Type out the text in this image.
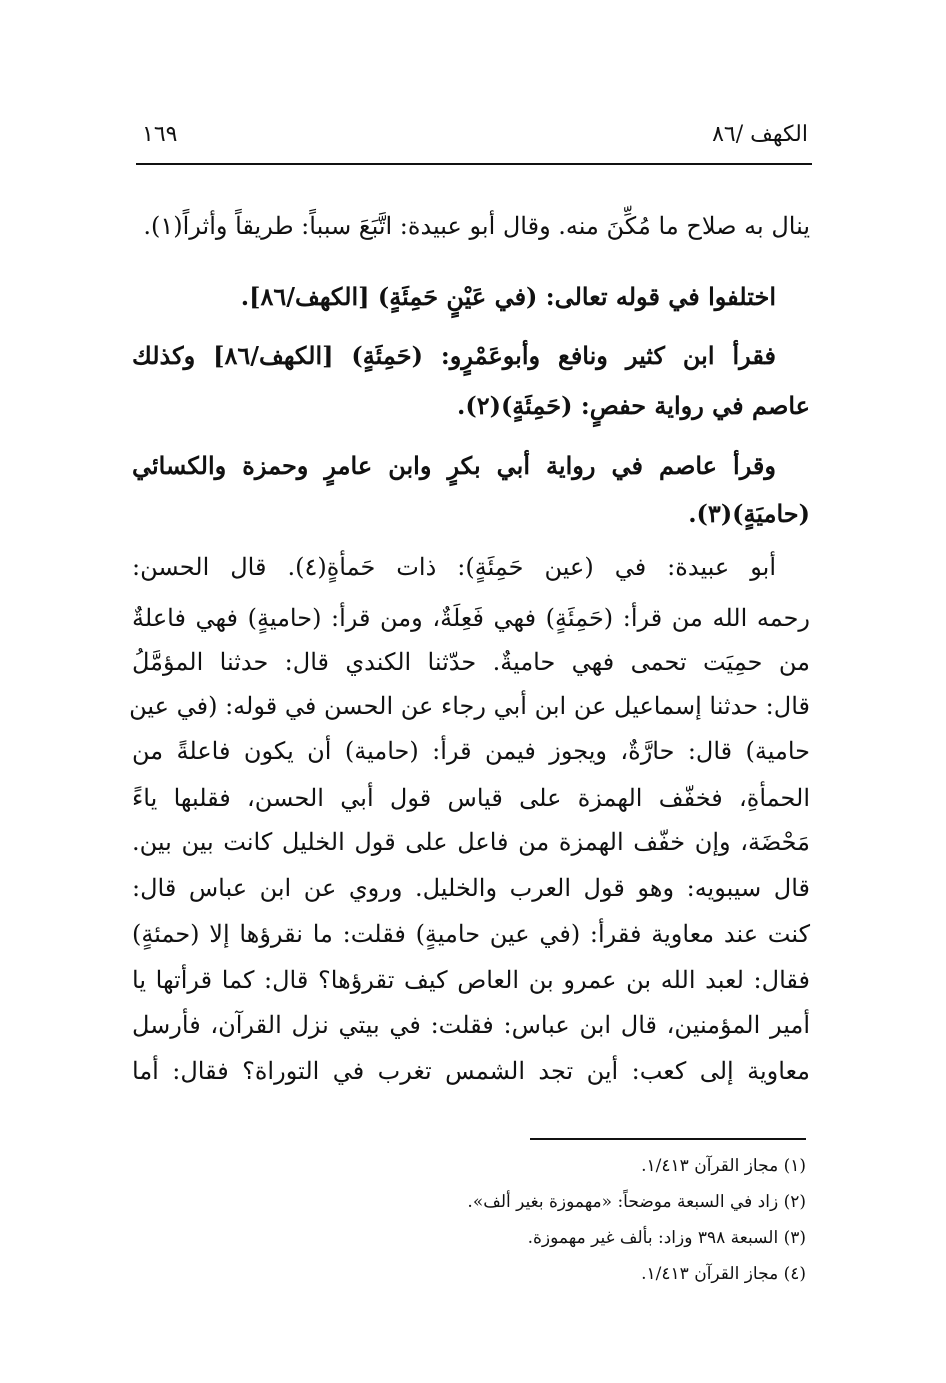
الكهف /٨٦
١٦٩
ينال به صلاح ما مُكِّنَ منه. وقال أبو عبيدة: اتَّبَعَ سبباً: طريقاً وأثراً(١).
اختلفوا في قوله تعالى: (في عَيْنٍ حَمِئَةٍ) [الكهف/٨٦].
فقرأ ابن كثير ونافع وأبوعَمْرٍو: (حَمِئَةٍ) [الكهف/٨٦] وكذلك
عاصم في رواية حفصٍ: (حَمِئَةٍ)(٢).
وقرأ عاصم في رواية أبي بكرٍ وابن عامرٍ وحمزة والكسائي
(حاميَةٍ)(٣).
أبو عبيدة: في (عين حَمِئَةٍ): ذات حَمأةٍ(٤). قال الحسن:
رحمه الله من قرأ: (حَمِئَةٍ) فهي فَعِلَةٌ، ومن قرأ: (حاميةٍ) فهي فاعلةٌ
من حمِيَت تحمى فهي حاميةٌ. حدّثنا الكندي قال: حدثنا المؤمَّلُ
قال: حدثنا إسماعيل عن ابن أبي رجاء عن الحسن في قوله: (في عين
حامية) قال: حارَّةٌ، ويجوز فيمن قرأ: (حامية) أن يكون فاعلةً من
الحمأةِ، فخفّف الهمزة على قياس قول أبي الحسن، فقلبها ياءً
مَحْضَة، وإن خفّف الهمزة من فاعل على قول الخليل كانت بين بين.
قال سيبويه: وهو قول العرب والخليل. وروي عن ابن عباس قال:
كنت عند معاوية فقرأ: (في عين حاميةٍ) فقلت: ما نقرؤها إلا (حمئةٍ)
فقال: لعبد الله بن عمرو بن العاص كيف تقرؤها؟ قال: كما قرأتها يا
أمير المؤمنين، قال ابن عباس: فقلت: في بيتي نزل القرآن، فأرسل
معاوية إلى كعب: أين تجد الشمس تغرب في التوراة؟ فقال: أما
(١) مجاز القرآن ١/٤١٣.
(٢) زاد في السبعة موضحاً: «مهموزة بغير ألف».
(٣) السبعة ٣٩٨ وزاد: بألف غير مهموزة.
(٤) مجاز القرآن ١/٤١٣.
